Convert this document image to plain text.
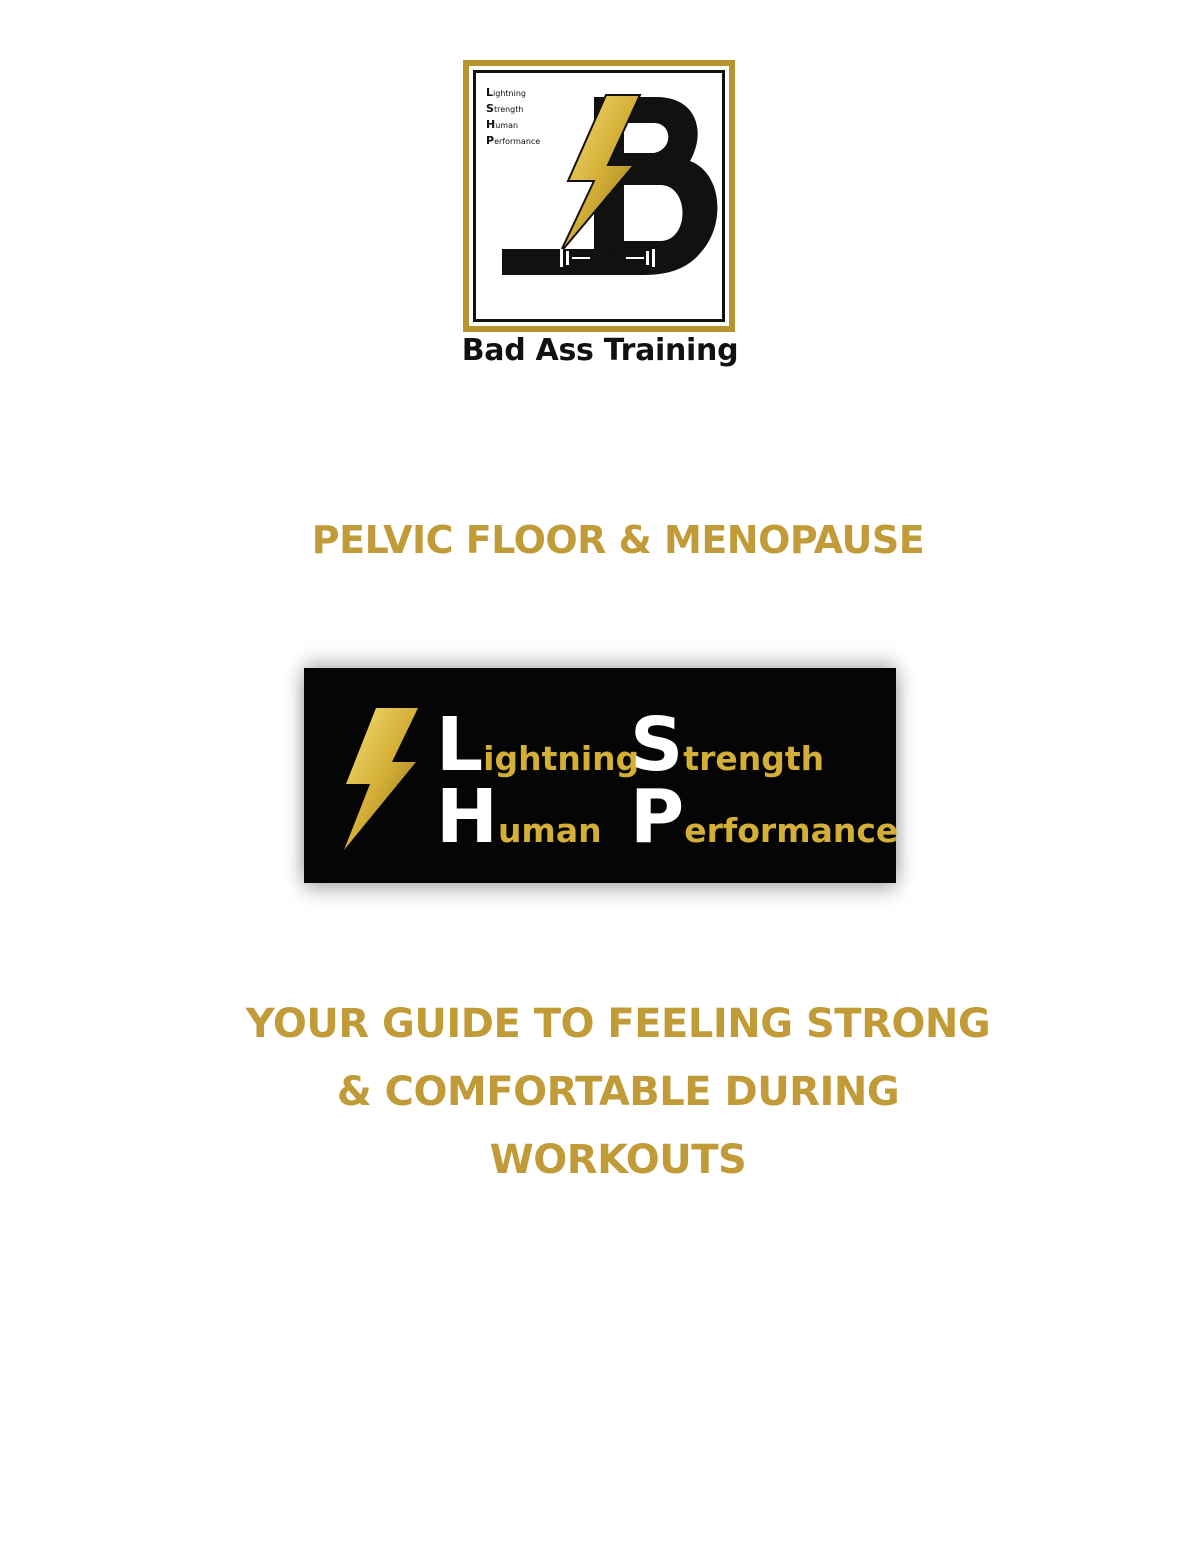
Lightning
Strength
Human
Performance
Bad Ass Training
PELVIC FLOOR & MENOPAUSE
Lightning
Strength
Human Performance
YOUR GUIDE TO FEELING STRONG
& COMFORTABLE DURING
WORKOUTS
